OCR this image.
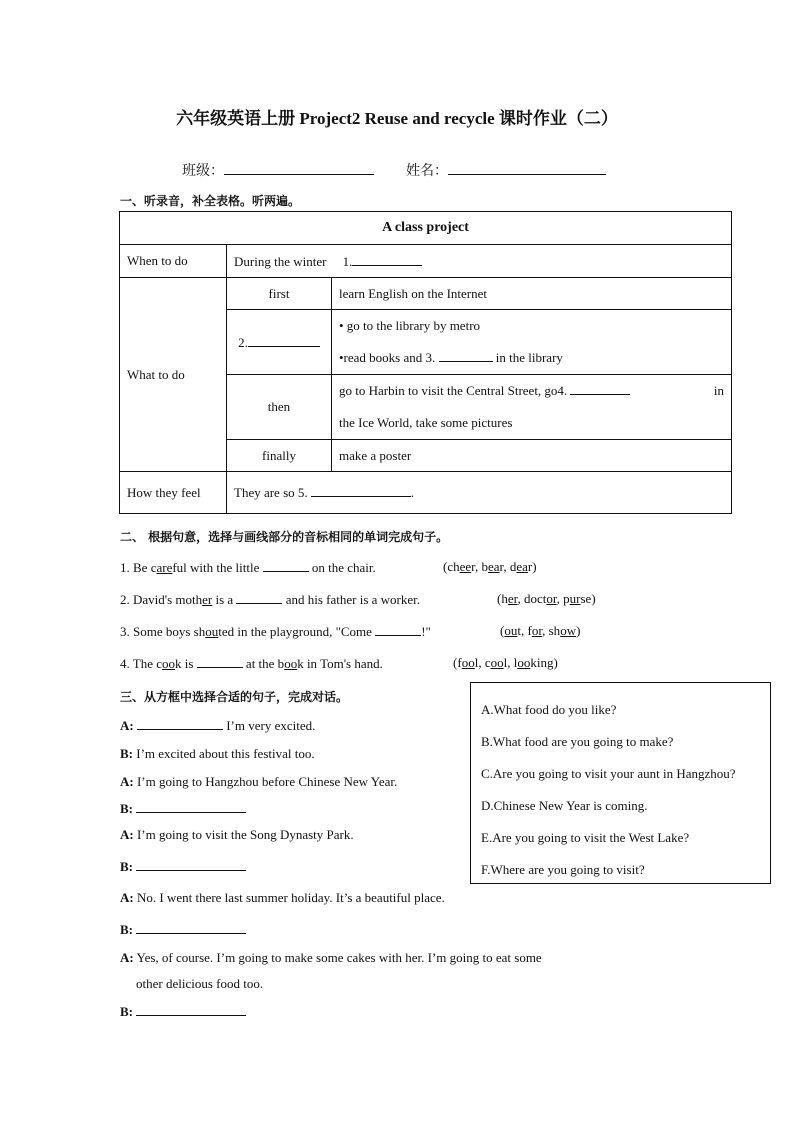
六年级英语上册 Project2 Reuse and recycle 课时作业（二）
班级：	姓名：
一、听录音，补全表格。听两遍。
A class project		
When to do	During the winter 1.	
What to do	first	learn English on the Internet
	2.	• go to the library by metro
•read books and 3. in the library

	then	go to Harbin to visit the Central Street, go4. in
the Ice World, take some pictures

	finally	make a poster
How they feel	They are so 5. .	
二、 根据句意，选择与画线部分的音标相同的单词完成句子。
1. Be careful with the little	on the chair.	(cheer, bear, dear)
2. David's mother is a	and his father is a worker.	(her, doctor, purse)
3. Some boys shouted in the playground, "Come	!"	(out, for, show)
4. The cook is	at the book in Tom's hand.	(fool, cool, looking)
三、从方框中选择合适的句子，完成对话。
A:	I’m very excited.
B: I’m excited about this festival too.
A: I’m going to Hangzhou before Chinese New Year.
B:
A: I’m going to visit the Song Dynasty Park.
B:
A: No. I went there last summer holiday. It’s a beautiful place.
B:
A: Yes, of course. I’m going to make some cakes with her. I’m going to eat some
other delicious food too.
B:
A.What food do you like?
B.What food are you going to make?
C.Are you going to visit your aunt in Hangzhou?
D.Chinese New Year is coming.
E.Are you going to visit the West Lake?
F.Where are you going to visit?
